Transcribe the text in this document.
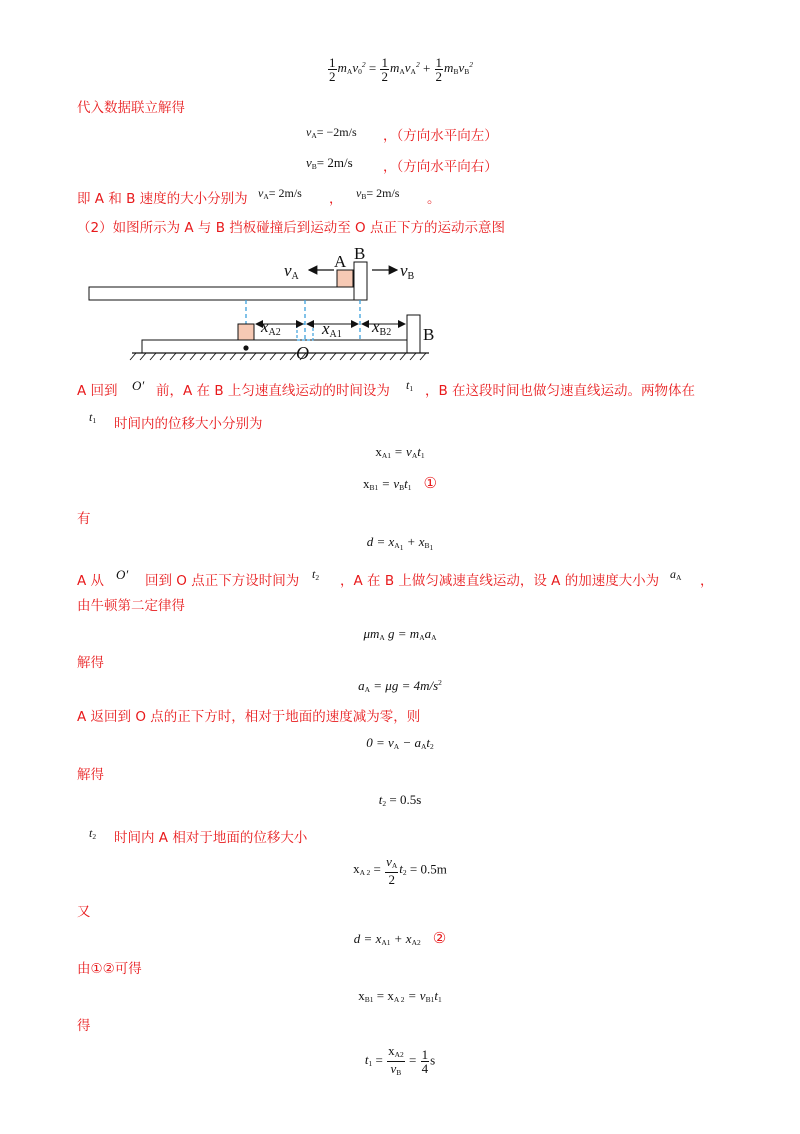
$\frac{1}{2} m_Av_0^2 = \frac{1}{2} m_Av_A^2 + \frac{1}{2} m_Bv_B^2$
代入数据联立解得
$v_A= -2m/s$ ，（方向水平向左）
$v_B= 2m/s$ ，（方向水平向右）
即 A 和 B 速度的大小分别为 $v_A= 2m/s$ ， $v_B= 2m/s$ 。
（2）如图所示为 A 与 B 挡板碰撞后到运动至 O 点正下方的运动示意图
vA
A B
vB
xA2 xA1 xB2 B
O
A 回到 O′ 前，A 在 B 上匀速直线运动的时间设为 $t_1$ ，B 在这段时间也做匀速直线运动。两物体在
$t_1$ 时间内的位移大小分别为
$x_{A1} = v_At_1$
$x_{B1} = v_Bt_1$ ①
有
$d = x_{A_1} + x_{B_1}$
A 从 O′ 回到 O 点正下方设时间为 $t_2$ ，A 在 B 上做匀减速直线运动，设 A 的加速度大小为 $a_A$ ，
由牛顿第二定律得
$\mu m_A$ $g = m_Aa_A$
解得
$a_A = \mu g = 4m/s^2$
A 返回到 O 点的正下方时，相对于地面的速度减为零，则
$0 = v_A - a_At_2$
解得
$t_2 = 0.5s$
$t_2$ 时间内 A 相对于地面的位移大小
$x_{A 2} = \frac{v_A}{2} t_2 = 0.5m$
又
$d = x_{A1} + x_{A2}$ ②
由①②可得
$x_{B1} = x_{A 2} = v_{B1}t_1$
得
$t_1 = \frac{x_{A2}}{v_B} = \frac{1}{4}$ s
